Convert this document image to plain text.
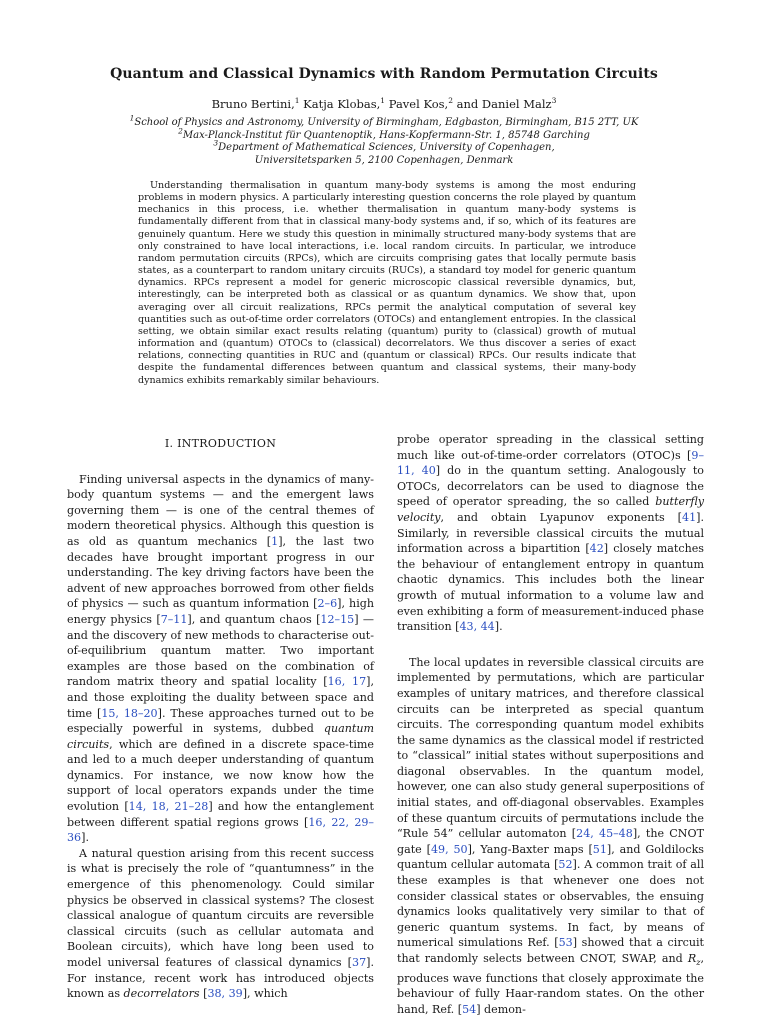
Quantum and Classical Dynamics with Random Permutation Circuits
Bruno Bertini,$^1$ Katja Klobas,$^1$ Pavel Kos,$^2$ and Daniel Malz$^3$
$^1$School of Physics and Astronomy, University of Birmingham, Edgbaston, Birmingham, B15 2TT, UK
$^2$Max-Planck-Institut für Quantenoptik, Hans-Kopfermann-Str. 1, 85748 Garching
$^3$Department of Mathematical Sciences, University of Copenhagen,
Universitetsparken 5, 2100 Copenhagen, Denmark
Understanding thermalisation in quantum many-body systems is among the most enduring problems in modern physics. A particularly interesting question concerns the role played by quantum mechanics in this process, i.e. whether thermalisation in quantum many-body systems is fundamentally different from that in classical many-body systems and, if so, which of its features are genuinely quantum. Here we study this question in minimally structured many-body systems that are only constrained to have local interactions, i.e. local random circuits. In particular, we introduce random permutation circuits (RPCs), which are circuits comprising gates that locally permute basis states, as a counterpart to random unitary circuits (RUCs), a standard toy model for generic quantum dynamics. RPCs represent a model for generic microscopic classical reversible dynamics, but, interestingly, can be interpreted both as classical or as quantum dynamics. We show that, upon averaging over all circuit realizations, RPCs permit the analytical computation of several key quantities such as out-of-time order correlators (OTOCs) and entanglement entropies. In the classical setting, we obtain similar exact results relating (quantum) purity to (classical) growth of mutual information and (quantum) OTOCs to (classical) decorrelators. We thus discover a series of exact relations, connecting quantities in RUC and (quantum or classical) RPCs. Our results indicate that despite the fundamental differences between quantum and classical systems, their many-body dynamics exhibits remarkably similar behaviours.
I. INTRODUCTION

Finding universal aspects in the dynamics of many-body quantum systems — and the emergent laws governing them — is one of the central themes of modern theoretical physics. Although this question is as old as quantum mechanics [1], the last two decades have brought important progress in our understanding. The key driving factors have been the advent of new approaches borrowed from other fields of physics — such as quantum information [2–6], high energy physics [7–11], and quantum chaos [12–15] — and the discovery of new methods to characterise out-of-equilibrium quantum matter. Two important examples are those based on the combination of random matrix theory and spatial locality [16, 17], and those exploiting the duality between space and time [15, 18–20]. These approaches turned out to be especially powerful in systems, dubbed quantum circuits, which are defined in a discrete space-time and led to a much deeper understanding of quantum dynamics. For instance, we now know how the support of local operators expands under the time evolution [14, 18, 21–28] and how the entanglement between different spatial regions grows [16, 22, 29–36].

A natural question arising from this recent success is what is precisely the role of “quantumness” in the emergence of this phenomenology. Could similar physics be observed in classical systems? The closest classical analogue of quantum circuits are reversible classical circuits (such as cellular automata and Boolean circuits), which have long been used to model universal features of classical dynamics [37]. For instance, recent work has introduced objects known as decorrelators [38, 39], which

probe operator spreading in the classical setting much like out-of-time-order correlators (OTOC)s [9–11, 40] do in the quantum setting. Analogously to OTOCs, decorrelators can be used to diagnose the speed of operator spreading, the so called butterfly velocity, and obtain Lyapunov exponents [41]. Similarly, in reversible classical circuits the mutual information across a bipartition [42] closely matches the behaviour of entanglement entropy in quantum chaotic dynamics. This includes both the linear growth of mutual information to a volume law and even exhibiting a form of measurement-induced phase transition [43, 44].

The local updates in reversible classical circuits are implemented by permutations, which are particular examples of unitary matrices, and therefore classical circuits can be interpreted as special quantum circuits. The corresponding quantum model exhibits the same dynamics as the classical model if restricted to “classical” initial states without superpositions and diagonal observables. In the quantum model, however, one can also study general superpositions of initial states, and off-diagonal observables. Examples of these quantum circuits of permutations include the “Rule 54” cellular automaton [24, 45–48], the CNOT gate [49, 50], Yang-Baxter maps [51], and Goldilocks quantum cellular automata [52]. A common trait of all these examples is that whenever one does not consider classical states or observables, the ensuing dynamics looks qualitatively very similar to that of generic quantum systems. In fact, by means of numerical simulations Ref. [53] showed that a circuit that randomly selects between CNOT, SWAP, and $R_z$, produces wave functions that closely approximate the behaviour of fully Haar-random states. On the other hand, Ref. [54] demon-
